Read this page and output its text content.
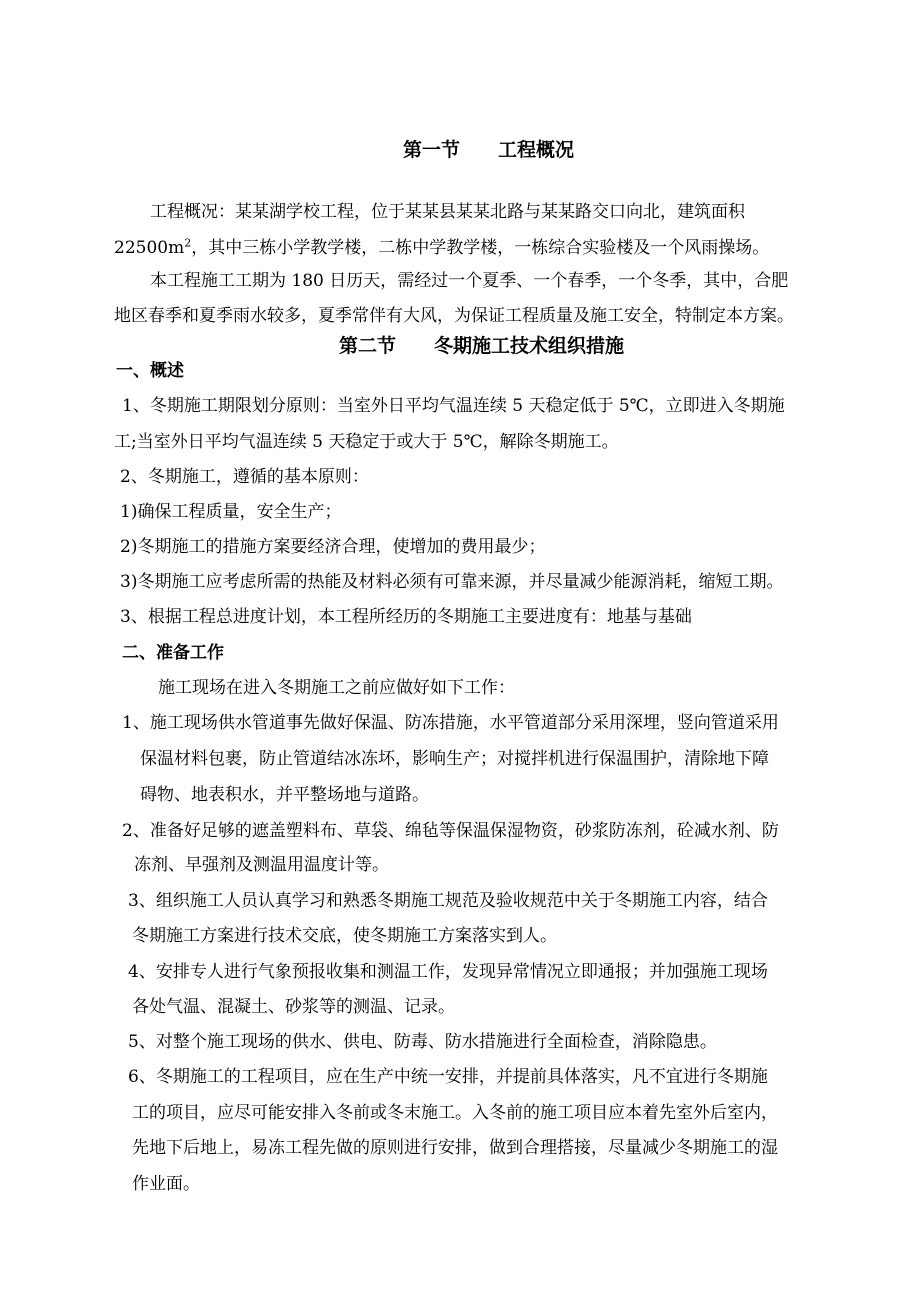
第一节　　工程概况
工程概况：某某湖学校工程，位于某某县某某北路与某某路交口向北，建筑面积
$22500m^2$，其中三栋小学教学楼，二栋中学教学楼，一栋综合实验楼及一个风雨操场。
本工程施工工期为 180 日历天，需经过一个夏季、一个春季，一个冬季，其中，合肥
地区春季和夏季雨水较多，夏季常伴有大风，为保证工程质量及施工安全，特制定本方案。
第二节　　冬期施工技术组织措施
一、概述
1、冬期施工期限划分原则：当室外日平均气温连续 5 天稳定低于 5℃，立即进入冬期施
工;当室外日平均气温连续 5 天稳定于或大于 5℃，解除冬期施工。
2、冬期施工，遵循的基本原则：
1)确保工程质量，安全生产；
2)冬期施工的措施方案要经济合理，使增加的费用最少；
3)冬期施工应考虑所需的热能及材料必须有可靠来源，并尽量减少能源消耗，缩短工期。
3、根据工程总进度计划，本工程所经历的冬期施工主要进度有：地基与基础
二、准备工作
施工现场在进入冬期施工之前应做好如下工作：
1、施工现场供水管道事先做好保温、防冻措施，水平管道部分采用深埋，竖向管道采用
保温材料包裹，防止管道结冰冻坏，影响生产；对搅拌机进行保温围护，清除地下障
碍物、地表积水，并平整场地与道路。
2、准备好足够的遮盖塑料布、草袋、绵毡等保温保湿物资，砂浆防冻剂，砼减水剂、防
冻剂、早强剂及测温用温度计等。
3、组织施工人员认真学习和熟悉冬期施工规范及验收规范中关于冬期施工内容，结合
冬期施工方案进行技术交底，使冬期施工方案落实到人。
4、安排专人进行气象预报收集和测温工作，发现异常情况立即通报；并加强施工现场
各处气温、混凝土、砂浆等的测温、记录。
5、对整个施工现场的供水、供电、防毒、防水措施进行全面检查，消除隐患。
6、冬期施工的工程项目，应在生产中统一安排，并提前具体落实，凡不宜进行冬期施
工的项目，应尽可能安排入冬前或冬末施工。入冬前的施工项目应本着先室外后室内，
先地下后地上，易冻工程先做的原则进行安排，做到合理搭接，尽量减少冬期施工的湿
作业面。
